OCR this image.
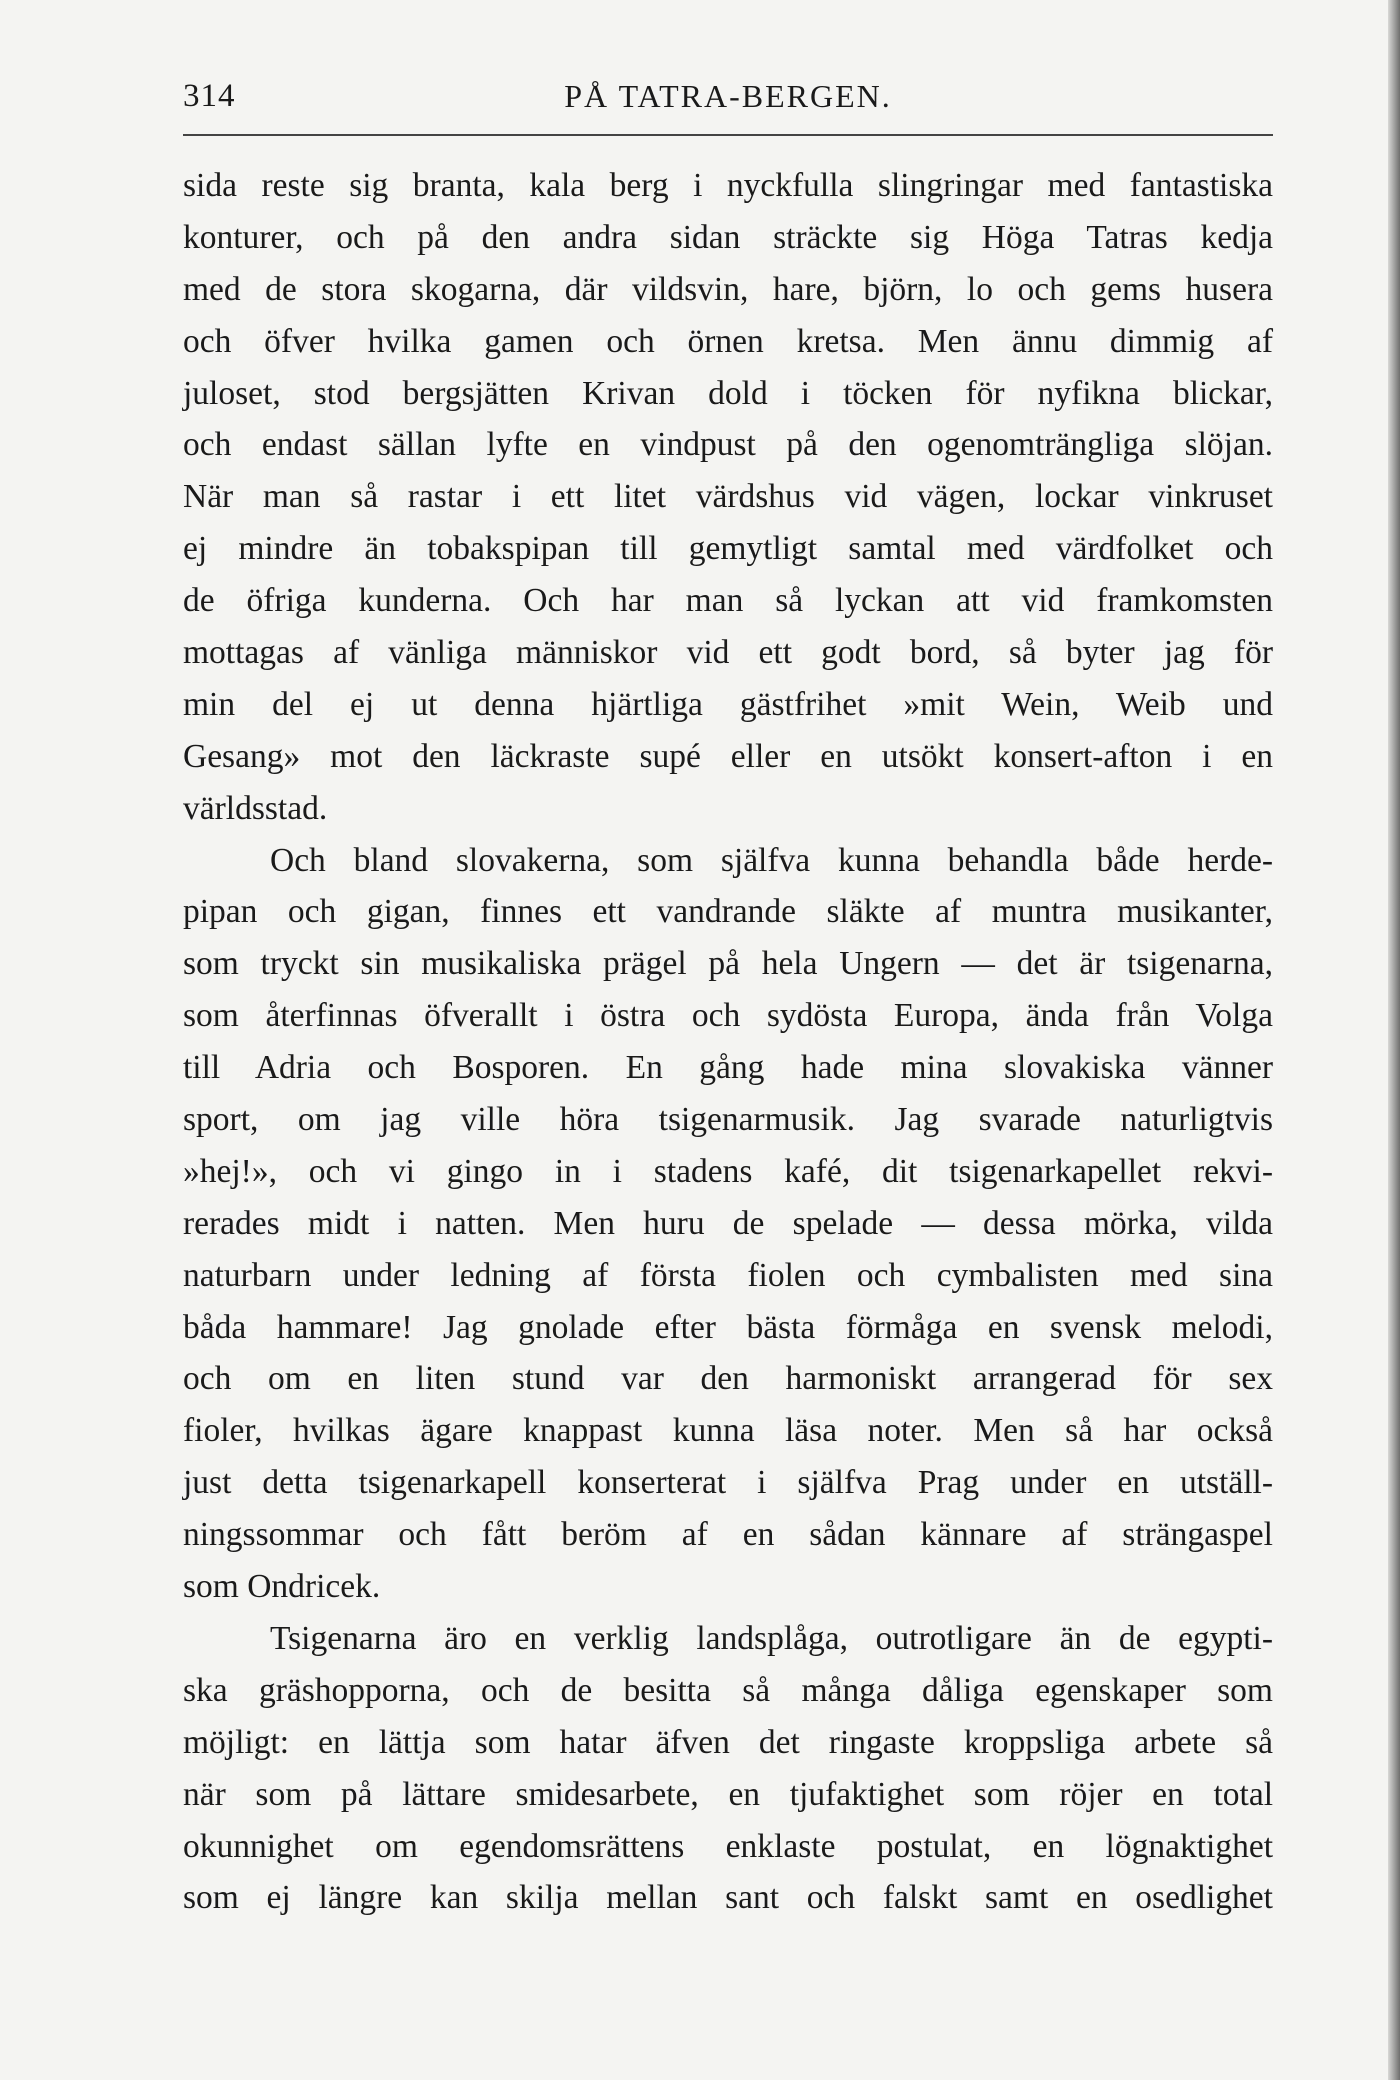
314	PÅ TATRA-BERGEN.
sida reste sig branta, kala berg i nyckfulla slingringar med fantastiska
konturer, och på den andra sidan sträckte sig Höga Tatras kedja
med de stora skogarna, där vildsvin, hare, björn, lo och gems husera
och öfver hvilka gamen och örnen kretsa. Men ännu dimmig af
juloset, stod bergsjätten Krivan dold i töcken för nyfikna blickar,
och endast sällan lyfte en vindpust på den ogenomträngliga slöjan.
När man så rastar i ett litet värdshus vid vägen, lockar vinkruset
ej mindre än tobakspipan till gemytligt samtal med värdfolket och
de öfriga kunderna. Och har man så lyckan att vid framkomsten
mottagas af vänliga människor vid ett godt bord, så byter jag för
min del ej ut denna hjärtliga gästfrihet »mit Wein, Weib und
Gesang» mot den läckraste supé eller en utsökt konsert-afton i en
världsstad.
Och bland slovakerna, som själfva kunna behandla både herde-
pipan och gigan, finnes ett vandrande släkte af muntra musikanter,
som tryckt sin musikaliska prägel på hela Ungern — det är tsigenarna,
som återfinnas öfverallt i östra och sydösta Europa, ända från Volga
till Adria och Bosporen. En gång hade mina slovakiska vänner
sport, om jag ville höra tsigenarmusik. Jag svarade naturligtvis
»hej!», och vi gingo in i stadens kafé, dit tsigenarkapellet rekvi-
rerades midt i natten. Men huru de spelade — dessa mörka, vilda
naturbarn under ledning af första fiolen och cymbalisten med sina
båda hammare! Jag gnolade efter bästa förmåga en svensk melodi,
och om en liten stund var den harmoniskt arrangerad för sex
fioler, hvilkas ägare knappast kunna läsa noter. Men så har också
just detta tsigenarkapell konserterat i själfva Prag under en utställ-
ningssommar och fått beröm af en sådan kännare af strängaspel
som Ondricek.
Tsigenarna äro en verklig landsplåga, outrotligare än de egypti-
ska gräshopporna, och de besitta så många dåliga egenskaper som
möjligt: en lättja som hatar äfven det ringaste kroppsliga arbete så
när som på lättare smidesarbete, en tjufaktighet som röjer en total
okunnighet om egendomsrättens enklaste postulat, en lögnaktighet
som ej längre kan skilja mellan sant och falskt samt en osedlighet
